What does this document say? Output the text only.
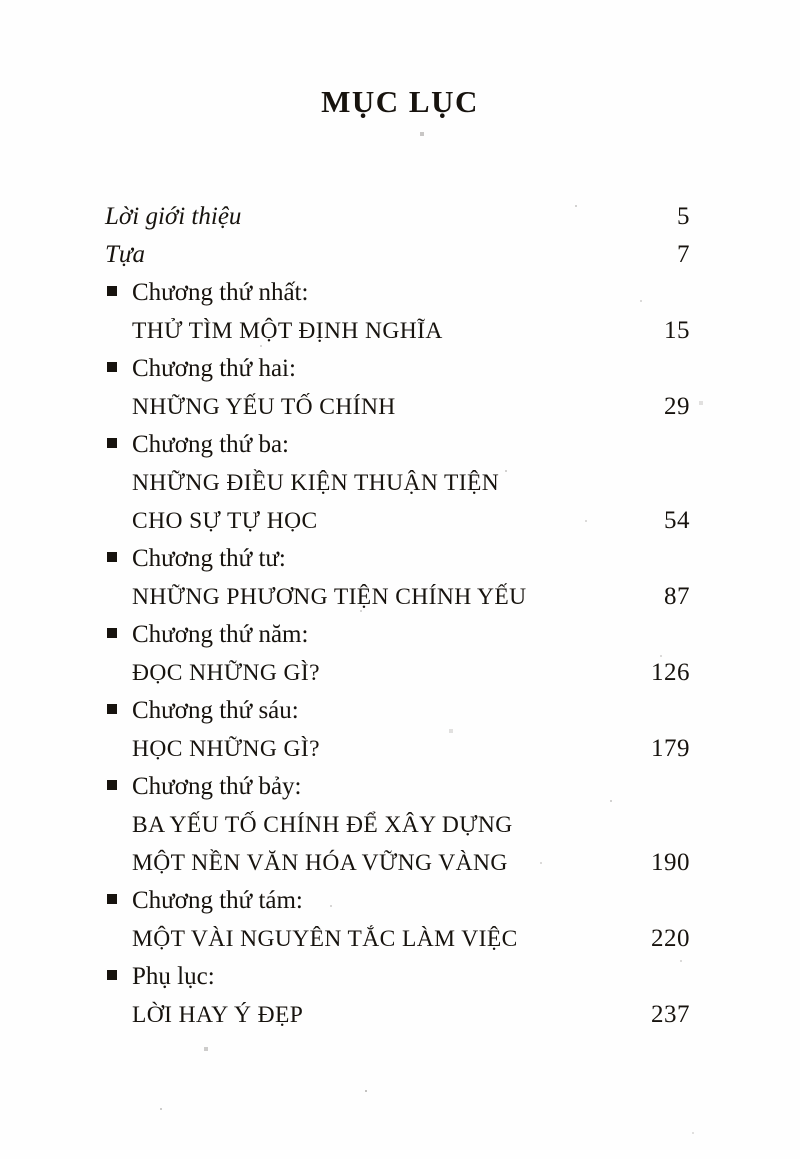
MỤC LỤC
Lời giới thiệu	5
Tựa	7
Chương thứ nhất:
THỬ TÌM MỘT ĐỊNH NGHĨA	15
Chương thứ hai:
NHỮNG YẾU TỐ CHÍNH	29
Chương thứ ba:
NHỮNG ĐIỀU KIỆN THUẬN TIỆN
CHO SỰ TỰ HỌC	54
Chương thứ tư:
NHỮNG PHƯƠNG TIỆN CHÍNH YẾU	87
Chương thứ năm:
ĐỌC NHỮNG GÌ?	126
Chương thứ sáu:
HỌC NHỮNG GÌ?	179
Chương thứ bảy:
BA YẾU TỐ CHÍNH ĐỂ XÂY DỰNG
MỘT NỀN VĂN HÓA VỮNG VÀNG	190
Chương thứ tám:
MỘT VÀI NGUYÊN TẮC LÀM VIỆC	220
Phụ lục:
LỜI HAY Ý ĐẸP	237
